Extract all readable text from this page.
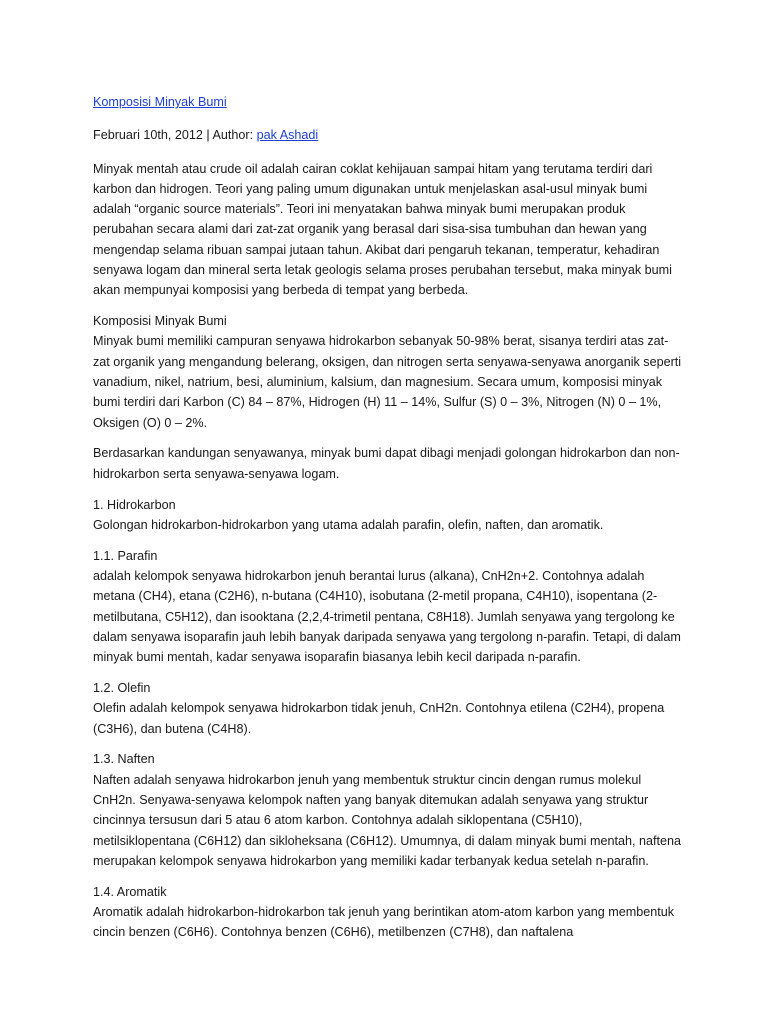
Komposisi Minyak Bumi

Februari 10th, 2012 | Author: pak Ashadi

Minyak mentah atau crude oil adalah cairan coklat kehijauan sampai hitam yang terutama terdiri dari karbon dan hidrogen. Teori yang paling umum digunakan untuk menjelaskan asal-usul minyak bumi adalah “organic source materials”. Teori ini menyatakan bahwa minyak bumi merupakan produk perubahan secara alami dari zat-zat organik yang berasal dari sisa-sisa tumbuhan dan hewan yang mengendap selama ribuan sampai jutaan tahun. Akibat dari pengaruh tekanan, temperatur, kehadiran senyawa logam dan mineral serta letak geologis selama proses perubahan tersebut, maka minyak bumi akan mempunyai komposisi yang berbeda di tempat yang berbeda.

Komposisi Minyak Bumi
Minyak bumi memiliki campuran senyawa hidrokarbon sebanyak 50-98% berat, sisanya terdiri atas zat-zat organik yang mengandung belerang, oksigen, dan nitrogen serta senyawa-senyawa anorganik seperti vanadium, nikel, natrium, besi, aluminium, kalsium, dan magnesium. Secara umum, komposisi minyak bumi terdiri dari Karbon (C) 84 – 87%, Hidrogen (H) 11 – 14%, Sulfur (S) 0 – 3%, Nitrogen (N) 0 – 1%, Oksigen (O) 0 – 2%.

Berdasarkan kandungan senyawanya, minyak bumi dapat dibagi menjadi golongan hidrokarbon dan non-hidrokarbon serta senyawa-senyawa logam.

1. Hidrokarbon
Golongan hidrokarbon-hidrokarbon yang utama adalah parafin, olefin, naften, dan aromatik.

1.1. Parafin
adalah kelompok senyawa hidrokarbon jenuh berantai lurus (alkana), CnH2n+2. Contohnya adalah metana (CH4), etana (C2H6), n-butana (C4H10), isobutana (2-metil propana, C4H10), isopentana (2-metilbutana, C5H12), dan isooktana (2,2,4-trimetil pentana, C8H18). Jumlah senyawa yang tergolong ke dalam senyawa isoparafin jauh lebih banyak daripada senyawa yang tergolong n-parafin. Tetapi, di dalam minyak bumi mentah, kadar senyawa isoparafin biasanya lebih kecil daripada n-parafin.

1.2. Olefin
Olefin adalah kelompok senyawa hidrokarbon tidak jenuh, CnH2n. Contohnya etilena (C2H4), propena (C3H6), dan butena (C4H8).

1.3. Naften
Naften adalah senyawa hidrokarbon jenuh yang membentuk struktur cincin dengan rumus molekul CnH2n. Senyawa-senyawa kelompok naften yang banyak ditemukan adalah senyawa yang struktur cincinnya tersusun dari 5 atau 6 atom karbon. Contohnya adalah siklopentana (C5H10), metilsiklopentana (C6H12) dan sikloheksana (C6H12). Umumnya, di dalam minyak bumi mentah, naftena merupakan kelompok senyawa hidrokarbon yang memiliki kadar terbanyak kedua setelah n-parafin.

1.4. Aromatik
Aromatik adalah hidrokarbon-hidrokarbon tak jenuh yang berintikan atom-atom karbon yang membentuk cincin benzen (C6H6). Contohnya benzen (C6H6), metilbenzen (C7H8), dan naftalena
